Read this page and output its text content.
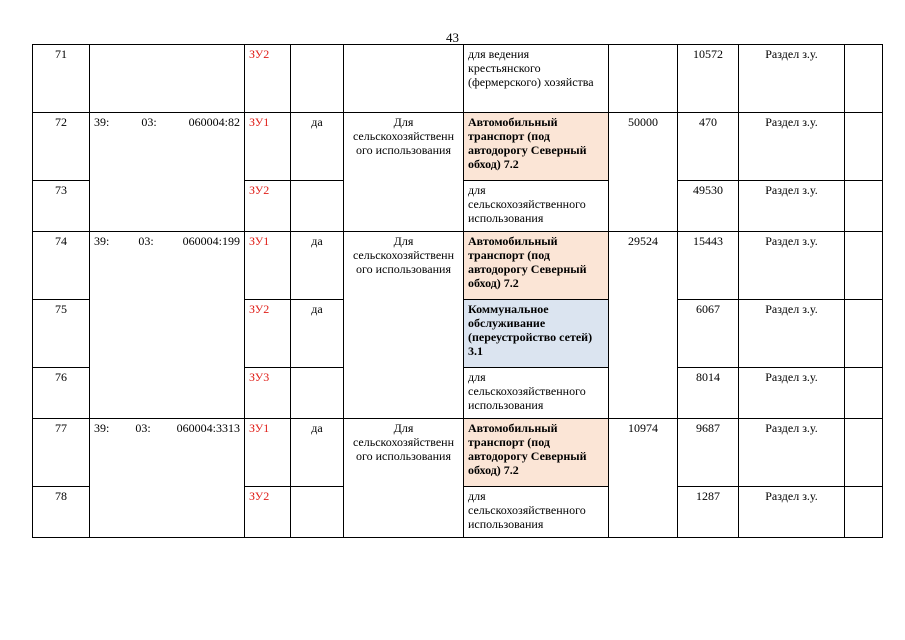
43
71		ЗУ2			для ведения крестьянского (фермерского) хозяйства		10572	Раздел з.у.	
72	39: 03: 060004:82	ЗУ1	да	Для сельскохозяйственн ого использования	Автомобильный транспорт (под автодорогу Северный обход) 7.2	50000	470	Раздел з.у.	
73		ЗУ2			для сельскохозяйственного использования		49530	Раздел з.у.	
74	39: 03: 060004:199	ЗУ1	да	Для сельскохозяйственн ого использования	Автомобильный транспорт (под автодорогу Северный обход) 7.2	29524	15443	Раздел з.у.	
75		ЗУ2	да		Коммунальное обслуживание (переустройство сетей) 3.1		6067	Раздел з.у.	
76		ЗУ3			для сельскохозяйственного использования		8014	Раздел з.у.	
77	39: 03: 060004:3313	ЗУ1	да	Для сельскохозяйственн ого использования	Автомобильный транспорт (под автодорогу Северный обход) 7.2	10974	9687	Раздел з.у.	
78		ЗУ2			для сельскохозяйственного использования		1287	Раздел з.у.	
